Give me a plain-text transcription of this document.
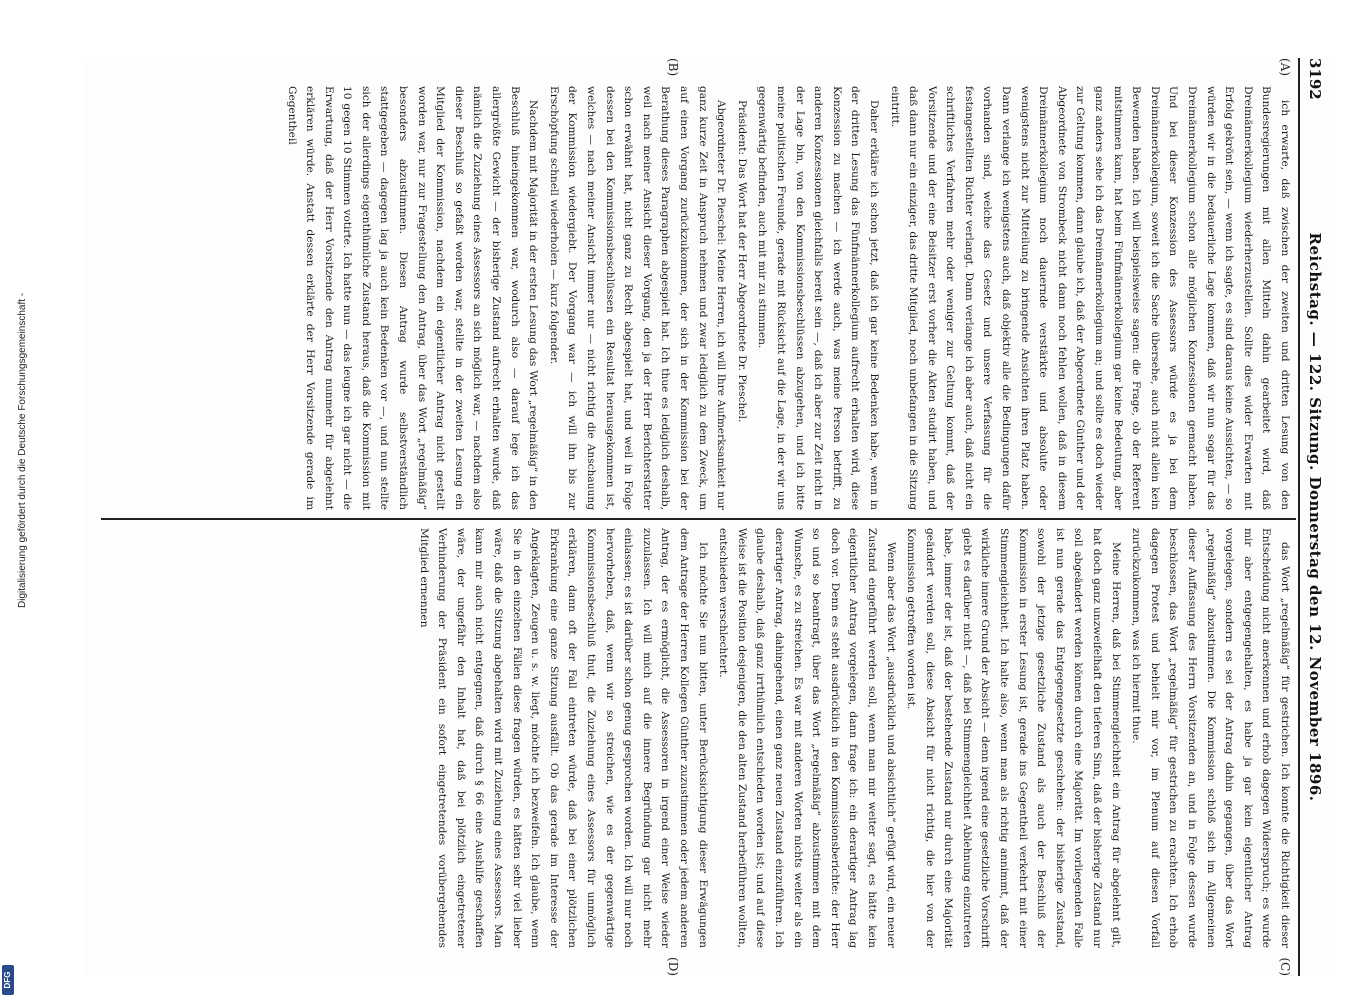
Digitalisierung gefördert durch die Deutsche Forschungsgemeinschaft -
DFG
3192
Reichstag. — 122. Sitzung. Donnerstag den 12. November 1896.
(A)
(B)
(C)
(D)

ich erwarte, daß zwischen der zweiten und dritten Lesung von den Bundesregierungen mit allen Mitteln dahin gearbeitet wird, daß Dreimännerkollegium wiederherzustellen. Sollte dies wider Erwarten mit Erfolg gekrönt sein, — wenn ich sagte, es sind daraus keine Aussichten, — so würden wir in die bedauerliche Lage kommen, daß wir nun sogar für das Dreimännerkollegium schon alle möglichen Konzessionen gemacht haben. Und bei dieser Konzession des Assessors würde es ja bei dem Dreimännerkollegium, soweit ich die Sache übersehe, auch nicht allein kein Bewenden haben. Ich will beispielsweise sagen: die Frage, ob der Referent mitstimmen kann, hat beim Fünfmännerkollegium gar keine Bedeutung, aber ganz anders sehe ich das Dreimännerkollegium an; und sollte es doch wieder zur Geltung kommen, dann glaube ich, daß der Abgeordnete Günther und der Abgeordnete von Strombeck nicht dann noch fehlen wollen, daß in diesem Dreimännerkollegium noch dauernde verstärkte und absolute oder wenigstens nicht zur Mitteilung zu bringende Ansichten ihren Platz haben. Dann verlange ich wenigstens auch, daß objektiv alle die Bedingungen dafür vorhanden sind, welche das Gesetz und unsere Verfassung für die festangestellten Richter verlangt. Dann verlange ich aber auch, daß nicht ein schriftliches Verfahren mehr oder weniger zur Geltung kommt, daß der Vorsitzende und der eine Beisitzer erst vorher die Akten studirt haben, und daß dann nur ein einziger, das dritte Mitglied, noch unbefangen in die Sitzung eintritt.

Daher erkläre ich schon jetzt, daß ich gar keine Bedenken habe, wenn in der dritten Lesung das Fünfmännerkollegium aufrecht erhalten wird, diese Konzession zu machen — ich werde auch, was meine Person betrifft, zu anderen Konzessionen gleichfalls bereit sein —, daß ich aber zur Zeit nicht in der Lage bin, von den Kommissionsbeschlüssen abzugehen, und ich bitte meine politischen Freunde, gerade mit Rücksicht auf die Lage, in der wir uns gegenwärtig befinden, auch mit mir zu stimmen.

Präsident: Das Wort hat der Herr Abgeordnete Dr. Pieschel.

Abgeordneter Dr. Pieschel: Meine Herren, ich will Ihre Aufmerksamkeit nur ganz kurze Zeit in Anspruch nehmen und zwar lediglich zu dem Zweck, um auf einen Vorgang zurückzukommen, der sich in der Kommission bei der Berathung dieses Paragraphen abgespielt hat. Ich thue es lediglich deshalb, weil nach meiner Ansicht dieser Vorgang, den ja der Herr Berichterstatter schon erwähnt hat, nicht ganz zu Recht abgespielt hat, und weil in Folge dessen bei den Kommissionsbeschlüssen ein Resultat herausgekommen ist, welches — nach meiner Ansicht immer nur — nicht richtig die Anschauung der Kommission wiedergiebt. Der Vorgang war — ich will ihn bis zur Erschöpfung schnell wiederholen — kurz folgender.

Nachdem mit Majorität in der ersten Lesung das Wort „regelmäßig“ in den Beschluß hineingekommen war, wodurch also — darauf lege ich das allergrößte Gewicht — der bisherige Zustand aufrecht erhalten wurde, daß nämlich die Zuziehung eines Assessors an sich möglich war, — nachdem also dieser Beschluß so gefaßt worden war, stellte in der zweiten Lesung ein Mitglied der Kommission, nachdem ein eigentlicher Antrag nicht gestellt worden war, nur zur Fragestellung den Antrag, über das Wort „regelmäßig“ besonders abzustimmen. Diesen Antrag wurde selbstverständlich stattgegeben — dagegen lag ja auch kein Bedenken vor —, und nun stellte sich der allerdings eigenthümliche Zustand heraus, daß die Kommission mit 10 gegen 10 Stimmen votirte. Ich hatte nun — das leugne ich gar nicht — die Erwartung, daß der Herr Vorsitzende den Antrag nunmehr für abgelehnt erklären würde. Anstatt dessen erklärte der Herr Vorsitzende gerade im Gegentheil

das Wort „regelmäßig“ für gestrichen. Ich konnte die Richtigkeit dieser Entscheidung nicht anerkennen und erhob dagegen Widerspruch; es wurde mir aber entgegengehalten, es habe ja gar kein eigentlicher Antrag vorgelegen, sondern es sei der Antrag dahin gegangen, über das Wort „regelmäßig“ abzustimmen. Die Kommission schloß sich im Allgemeinen dieser Auffassung des Herrn Vorsitzenden an, und in Folge dessen wurde beschlossen, das Wort „regelmäßig“ für gestrichen zu erachten. Ich erhob dagegen Protest und behielt mir vor, im Plenum auf diesen Vorfall zurückzukommen, was ich hiermit thue.

Meine Herren, daß bei Stimmengleichheit ein Antrag für abgelehnt gilt, hat doch ganz unzweifelhaft den tieferen Sinn, daß der bisherige Zustand nur soll abgeändert werden können durch eine Majorität. Im vorliegenden Falle ist nun gerade das Entgegengesetzte geschehen: der bisherige Zustand, sowohl der jetzige gesetzliche Zustand als auch der Beschluß der Kommission in erster Lesung ist, gerade ins Gegentheil verkehrt mit einer Stimmengleichheit. Ich halte also, wenn man als richtig annimmt, daß der wirkliche innere Grund der Absicht — denn irgend eine gesetzliche Vorschrift giebt es darüber nicht —, daß bei Stimmengleichheit Ablehnung einzutreten habe, immer der ist, daß der bestehende Zustand nur durch eine Majorität geändert werden soll, diese Absicht für nicht richtig, die hier von der Kommission getroffen worden ist.

Wenn aber das Wort „ausdrücklich und absichtlich“ gefügt wird, ein neuer Zustand eingeführt werden soll, wenn man mir weiter sagt, es hätte kein eigentlicher Antrag vorgelegen, dann frage ich: ein derartiger Antrag lag doch vor. Denn es steht ausdrücklich in den Kommissionsberichte: der Herr so und so beantragt, über das Wort „regelmäßig“ abzustimmen mit dem Wunsche, es zu streichen. Es war mit anderen Worten nichts weiter als ein derartiger Antrag, dahingehend, einen ganz neuen Zustand einzuführen. Ich glaube deshalb, daß ganz irrthümlich entschieden worden ist; und auf diese Weise ist die Position desjenigen, die den alten Zustand herbeiführen wollten, entschieden verschlechtert.

Ich möchte Sie nun bitten, unter Berücksichtigung dieser Erwägungen dem Antrage der Herren Kollegen Günther zuzustimmen oder jedem anderen Antrag, der es ermöglicht, die Assessoren in irgend einer Weise wieder zuzulassen. Ich will mich auf die innere Begründung gar nicht mehr einlassen; es ist darüber schon genug gesprochen worden. Ich will nur noch hervorheben, daß, wenn wir so streichen, wie es der gegenwärtige Kommissionsbeschluß thut, die Zuziehung eines Assessors für unmöglich erklären, dann oft der Fall eintreten würde, daß bei einer plötzlichen Erkrankung eine ganze Sitzung ausfällt. Ob das gerade im Interesse der Angeklagten, Zeugen u. s. w. liegt, möchte ich bezweifeln. Ich glaube, wenn Sie in den einzelnen Fällen diese fragen würden, es hätten sehr viel lieber wäre, daß die Sitzung abgehalten wird mit Zuziehung eines Assessors. Man kann mir auch nicht entgegnen, daß durch § 66 eine Aushilfe geschaffen wäre, der ungefähr den Inhalt hat, daß bei plötzlich eingetretener Verhinderung der Präsident ein sofort eingetretendes vorübergehendes Mitglied ernennen
